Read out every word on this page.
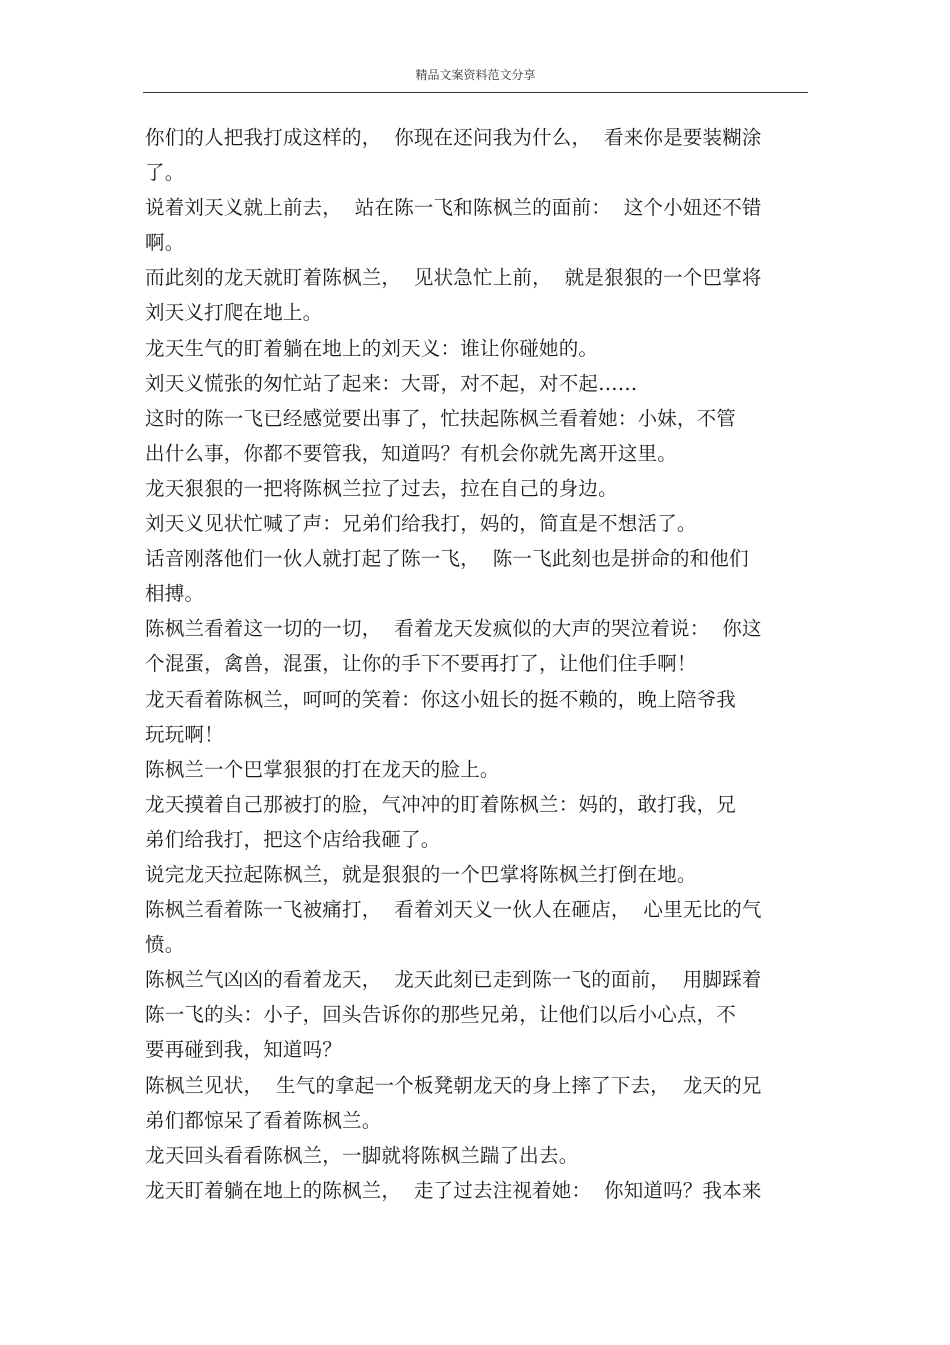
精品文案资料范文分享
你们的人把我打成这样的，  你现在还问我为什么，  看来你是要装糊涂
了。
说着刘天义就上前去，  站在陈一飞和陈枫兰的面前：  这个小妞还不错
啊。
而此刻的龙天就盯着陈枫兰，  见状急忙上前，  就是狠狠的一个巴掌将
刘天义打爬在地上。
龙天生气的盯着躺在地上的刘天义：谁让你碰她的。
刘天义慌张的匆忙站了起来：大哥，对不起，对不起……
这时的陈一飞已经感觉要出事了，忙扶起陈枫兰看着她：小妹，不管
出什么事，你都不要管我，知道吗？有机会你就先离开这里。
龙天狠狠的一把将陈枫兰拉了过去，拉在自己的身边。
刘天义见状忙喊了声：兄弟们给我打，妈的，简直是不想活了。
话音刚落他们一伙人就打起了陈一飞，  陈一飞此刻也是拼命的和他们
相搏。
陈枫兰看着这一切的一切，  看着龙天发疯似的大声的哭泣着说：  你这
个混蛋，禽兽，混蛋，让你的手下不要再打了，让他们住手啊！
龙天看着陈枫兰，呵呵的笑着：你这小妞长的挺不赖的，晚上陪爷我
玩玩啊！
陈枫兰一个巴掌狠狠的打在龙天的脸上。
龙天摸着自己那被打的脸，气冲冲的盯着陈枫兰：妈的，敢打我，兄
弟们给我打，把这个店给我砸了。
说完龙天拉起陈枫兰，就是狠狠的一个巴掌将陈枫兰打倒在地。
陈枫兰看着陈一飞被痛打，  看着刘天义一伙人在砸店，  心里无比的气
愤。
陈枫兰气凶凶的看着龙天，  龙天此刻已走到陈一飞的面前，  用脚踩着
陈一飞的头：小子，回头告诉你的那些兄弟，让他们以后小心点，不
要再碰到我，知道吗？
陈枫兰见状，  生气的拿起一个板凳朝龙天的身上摔了下去，  龙天的兄
弟们都惊呆了看着陈枫兰。
龙天回头看看陈枫兰，一脚就将陈枫兰踹了出去。
龙天盯着躺在地上的陈枫兰，  走了过去注视着她：  你知道吗？我本来
